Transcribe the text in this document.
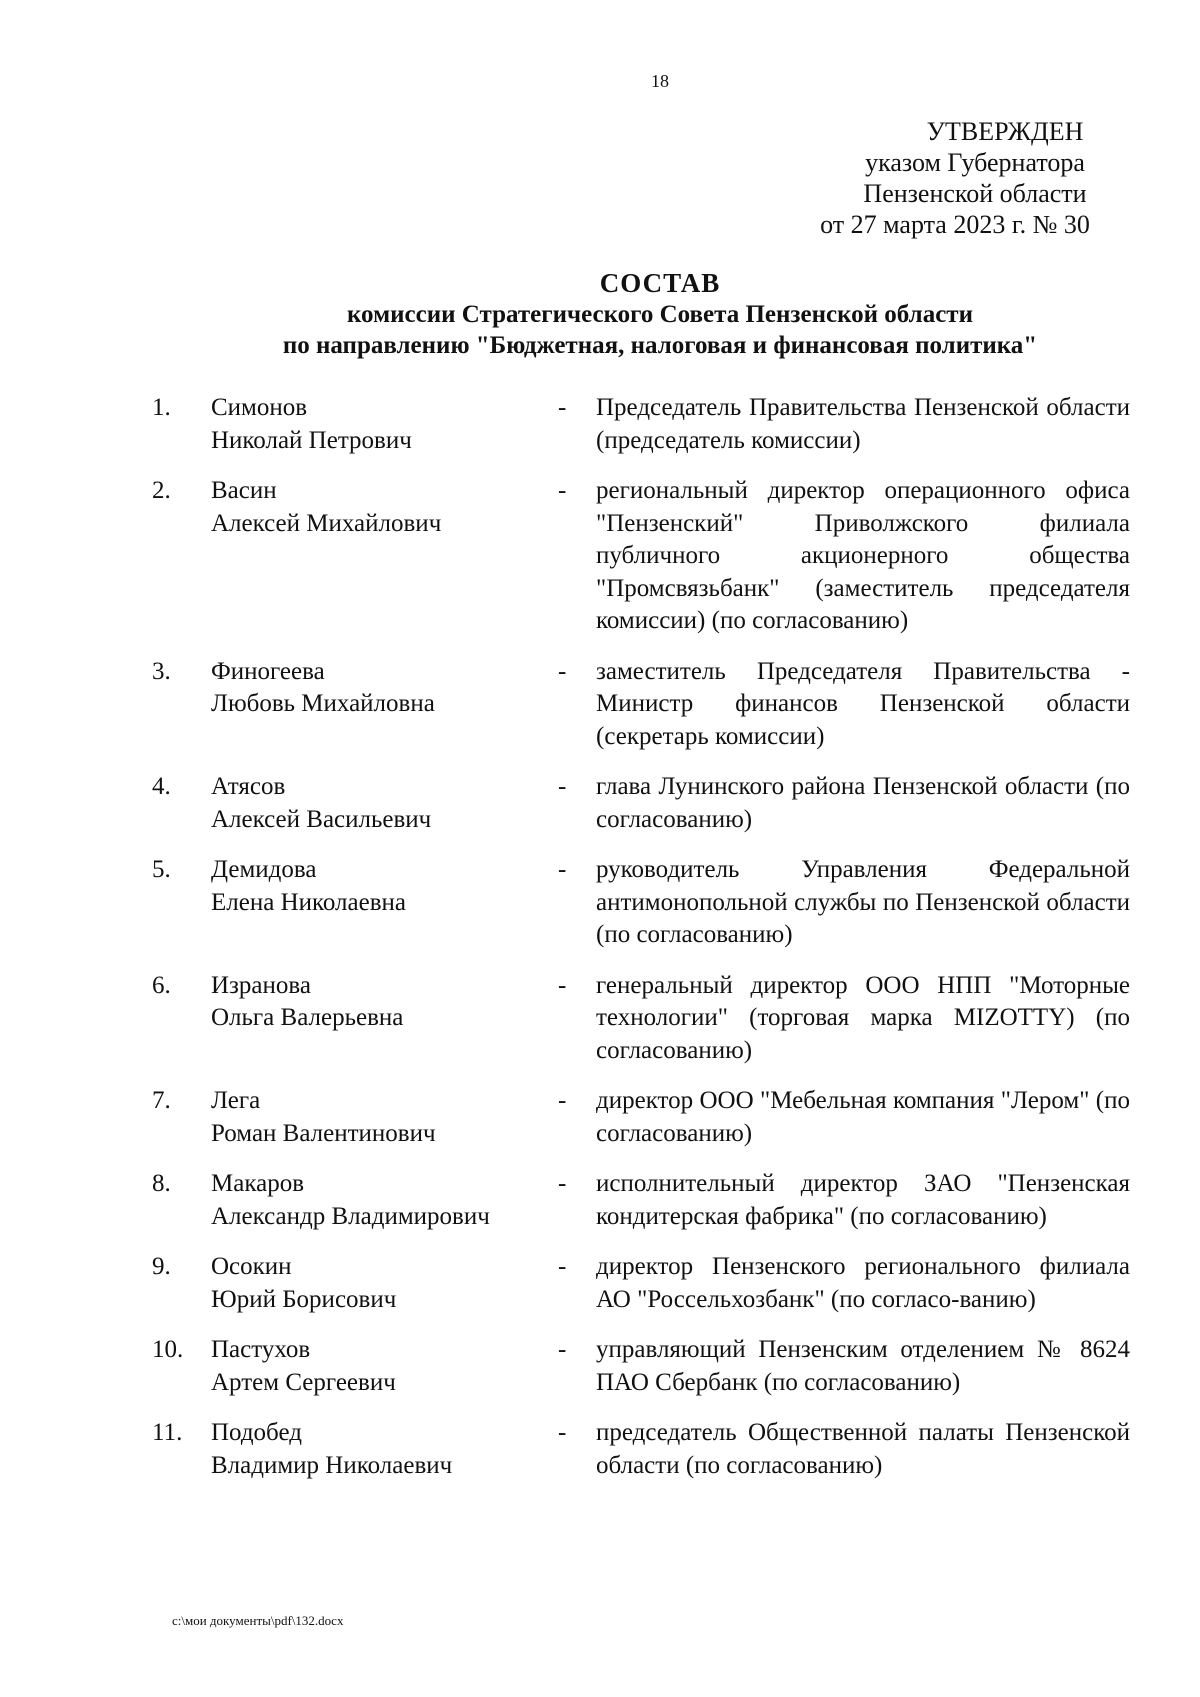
18
УТВЕРЖДЕН
указом Губернатора
Пензенской области
от 27 марта 2023 г. № 30
СОСТАВ
комиссии Стратегического Совета Пензенской области
по направлению "Бюджетная, налоговая и финансовая политика"
1. Симонов
Николай Петрович
- Председатель Правительства Пензенской области (председатель комиссии)
2. Васин
Алексей Михайлович
- региональный директор операционного офиса "Пензенский" Приволжского филиала публичного акционерного общества "Промсвязьбанк" (заместитель председателя комиссии) (по согласованию)
3. Финогеева
Любовь Михайловна
- заместитель Председателя Правительства - Министр финансов Пензенской области (секретарь комиссии)
4. Атясов
Алексей Васильевич
- глава Лунинского района Пензенской области (по согласованию)
5. Демидова
Елена Николаевна
- руководитель Управления Федеральной антимонопольной службы по Пензенской области (по согласованию)
6. Изранова
Ольга Валерьевна
- генеральный директор ООО НПП "Моторные технологии" (торговая марка MIZOTTY) (по согласованию)
7. Лега
Роман Валентинович
- директор ООО "Мебельная компания "Лером" (по согласованию)
8. Макаров
Александр Владимирович
- исполнительный директор ЗАО "Пензенская кондитерская фабрика" (по согласованию)
9. Осокин
Юрий Борисович
- директор Пензенского регионального филиала АО "Россельхозбанк" (по согласо-ванию)
10. Пастухов
Артем Сергеевич
- управляющий Пензенским отделением № 8624 ПАО Сбербанк (по согласованию)
11. Подобед
Владимир Николаевич
- председатель Общественной палаты Пензенской области (по согласованию)
c:\мои документы\pdf\132.docx
